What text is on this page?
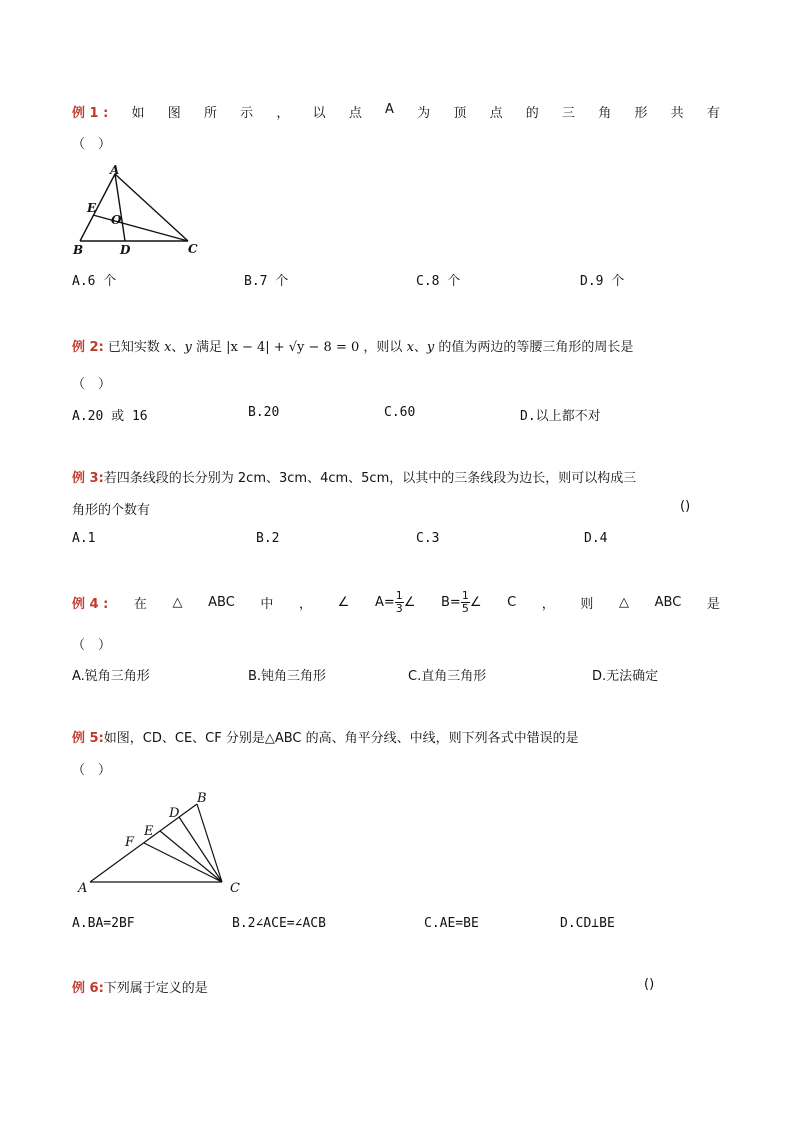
例 1 : 如 图 所 示 ， 以 点 A 为 顶 点 的 三 角 形 共 有
（　）
A
B	C
D
E
O
A.6 个	B.7 个	C.8 个	D.9 个
例 2: 已知实数 x、y 满足 |x − 4| + √y − 8 = 0 ，则以 x、y 的值为两边的等腰三角形的周长是
（　）
A.20 或 16	B.20	C.60	D.以上都不对
例 3:若四条线段的长分别为 2cm、3cm、4cm、5cm，以其中的三条线段为边长，则可以构成三
角形的个数有	()
A.1	B.2	C.3	D.4
例 4 : 在 △ ABC 中 ， ∠ $A= \frac{1}{3}$ ∠ $B= \frac{1}{5}$ ∠ C ， 则 △ ABC 是
（　）
A.锐角三角形	B.钝角三角形	C.直角三角形	D.无法确定
例 5:如图，CD、CE、CF 分别是△ABC 的高、角平分线、中线，则下列各式中错误的是
（　）
A
B
C
D
E
F
A.BA=2BF	B.2∠ACE=∠ACB	C.AE=BE	D.CD⊥BE
例 6:下列属于定义的是	()
